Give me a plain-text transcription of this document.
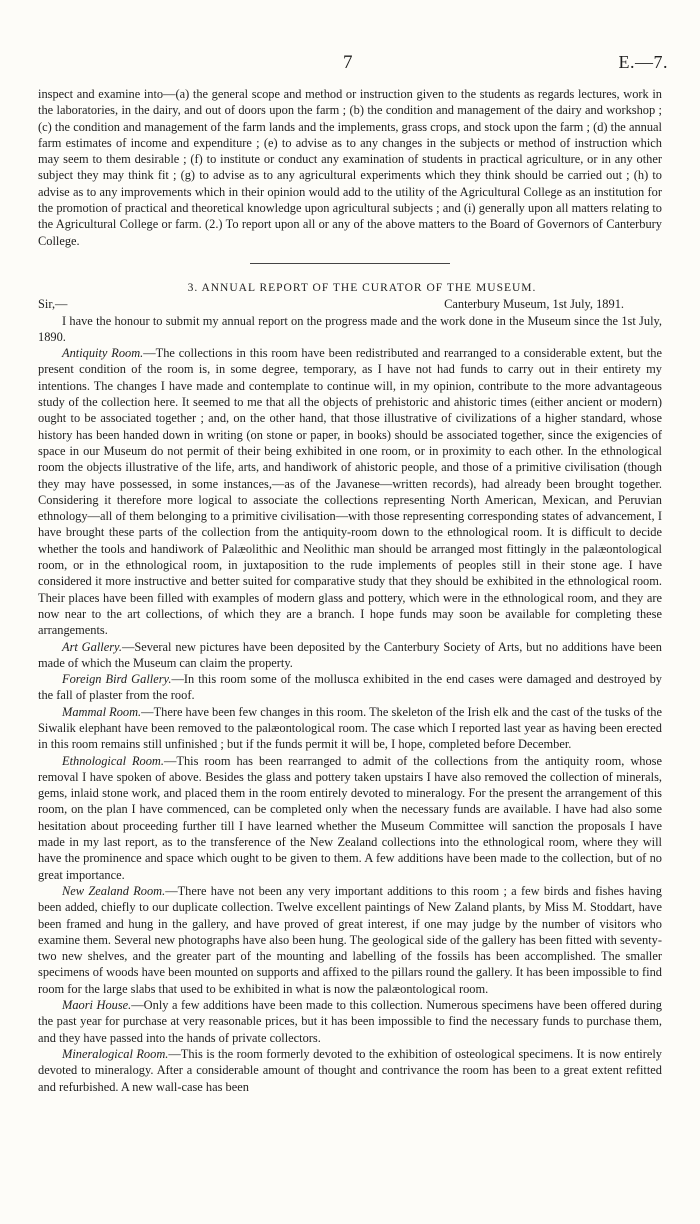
7	E.—7.

inspect and examine into—(a) the general scope and method or instruction given to the students as regards lectures, work in the laboratories, in the dairy, and out of doors upon the farm ; (b) the condition and management of the dairy and workshop ; (c) the condition and management of the farm lands and the implements, grass crops, and stock upon the farm ; (d) the annual farm estimates of income and expenditure ; (e) to advise as to any changes in the subjects or method of instruction which may seem to them desirable ; (f) to institute or conduct any examination of students in practical agriculture, or in any other subject they may think fit ; (g) to advise as to any agricultural experiments which they think should be carried out ; (h) to advise as to any improvements which in their opinion would add to the utility of the Agricultural College as an institution for the promotion of practical and theoretical knowledge upon agricultural subjects ; and (i) generally upon all matters relating to the Agricultural College or farm. (2.) To report upon all or any of the above matters to the Board of Governors of Canterbury College.

3. ANNUAL REPORT OF THE CURATOR OF THE MUSEUM.

Sir,—	Canterbury Museum, 1st July, 1891.

I have the honour to submit my annual report on the progress made and the work done in the Museum since the 1st July, 1890.

Antiquity Room.—The collections in this room have been redistributed and rearranged to a considerable extent, but the present condition of the room is, in some degree, temporary, as I have not had funds to carry out in their entirety my intentions. The changes I have made and contemplate to continue will, in my opinion, contribute to the more advantageous study of the collection here. It seemed to me that all the objects of prehistoric and ahistoric times (either ancient or modern) ought to be associated together ; and, on the other hand, that those illustrative of civilizations of a higher standard, whose history has been handed down in writing (on stone or paper, in books) should be associated together, since the exigencies of space in our Museum do not permit of their being exhibited in one room, or in proximity to each other. In the ethnological room the objects illustrative of the life, arts, and handiwork of ahistoric people, and those of a primitive civilisation (though they may have possessed, in some instances,—as of the Javanese—written records), had already been brought together. Considering it therefore more logical to associate the collections representing North American, Mexican, and Peruvian ethnology—all of them belonging to a primitive civilisation—with those representing corresponding states of advancement, I have brought these parts of the collection from the antiquity-room down to the ethnological room. It is difficult to decide whether the tools and handiwork of Palæolithic and Neolithic man should be arranged most fittingly in the palæontological room, or in the ethnological room, in juxtaposition to the rude implements of peoples still in their stone age. I have considered it more instructive and better suited for comparative study that they should be exhibited in the ethnological room. Their places have been filled with examples of modern glass and pottery, which were in the ethnological room, and they are now near to the art collections, of which they are a branch. I hope funds may soon be available for completing these arrangements.

Art Gallery.—Several new pictures have been deposited by the Canterbury Society of Arts, but no additions have been made of which the Museum can claim the property.

Foreign Bird Gallery.—In this room some of the mollusca exhibited in the end cases were damaged and destroyed by the fall of plaster from the roof.

Mammal Room.—There have been few changes in this room. The skeleton of the Irish elk and the cast of the tusks of the Siwalik elephant have been removed to the palæontological room. The case which I reported last year as having been erected in this room remains still unfinished ; but if the funds permit it will be, I hope, completed before December.

Ethnological Room.—This room has been rearranged to admit of the collections from the antiquity room, whose removal I have spoken of above. Besides the glass and pottery taken upstairs I have also removed the collection of minerals, gems, inlaid stone work, and placed them in the room entirely devoted to mineralogy. For the present the arrangement of this room, on the plan I have commenced, can be completed only when the necessary funds are available. I have had also some hesitation about proceeding further till I have learned whether the Museum Committee will sanction the proposals I have made in my last report, as to the transference of the New Zealand collections into the ethnological room, where they will have the prominence and space which ought to be given to them. A few additions have been made to the collection, but of no great importance.

New Zealand Room.—There have not been any very important additions to this room ; a few birds and fishes having been added, chiefly to our duplicate collection. Twelve excellent paintings of New Zaland plants, by Miss M. Stoddart, have been framed and hung in the gallery, and have proved of great interest, if one may judge by the number of visitors who examine them. Several new photographs have also been hung. The geological side of the gallery has been fitted with seventy-two new shelves, and the greater part of the mounting and labelling of the fossils has been accomplished. The smaller specimens of woods have been mounted on supports and affixed to the pillars round the gallery. It has been impossible to find room for the large slabs that used to be exhibited in what is now the palæontological room.

Maori House.—Only a few additions have been made to this collection. Numerous specimens have been offered during the past year for purchase at very reasonable prices, but it has been impossible to find the necessary funds to purchase them, and they have passed into the hands of private collectors.

Mineralogical Room.—This is the room formerly devoted to the exhibition of osteological specimens. It is now entirely devoted to mineralogy. After a considerable amount of thought and contrivance the room has been to a great extent refitted and refurbished. A new wall-case has been
